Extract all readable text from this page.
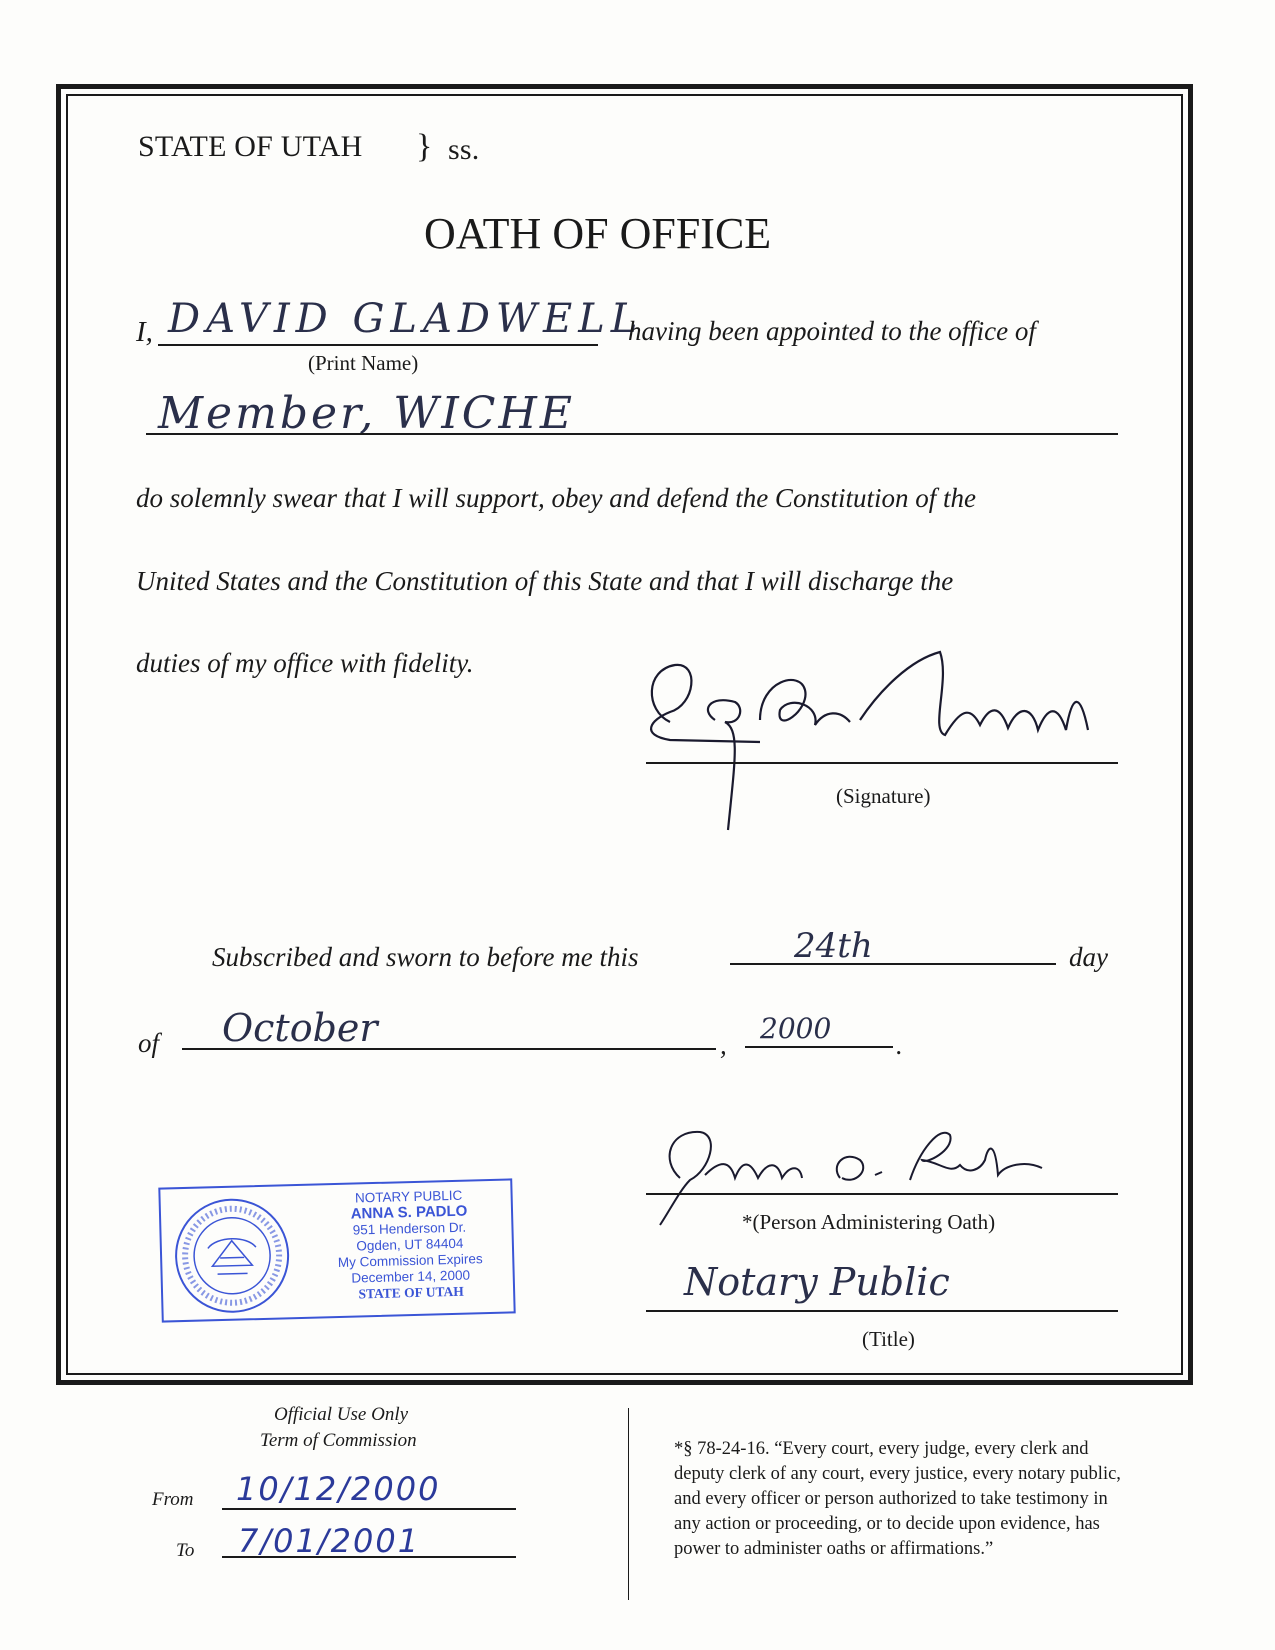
STATE OF UTAH } ss.
OATH OF OFFICE
I, DAVID GLADWELL
(Print Name)
having been appointed to the office of
Member, WICHE
do solemnly swear that I will support, obey and defend the Constitution of the
United States and the Constitution of this State and that I will discharge the
duties of my office with fidelity.
(Signature)
Subscribed and sworn to before me this	24th	day
of October	, 2000 .
NOTARY PUBLIC
ANNA S. PADLO
951 Henderson Dr.
Ogden, UT 84404
My Commission Expires
December 14, 2000
STATE OF UTAH
*(Person Administering Oath)
Notary Public
(Title)
Official Use Only
Term of Commission
From 10/12/2000
To 7/01/2001
*§ 78-24-16. “Every court, every judge, every clerk and
deputy clerk of any court, every justice, every notary public,
and every officer or person authorized to take testimony in
any action or proceeding, or to decide upon evidence, has
power to administer oaths or affirmations.”
